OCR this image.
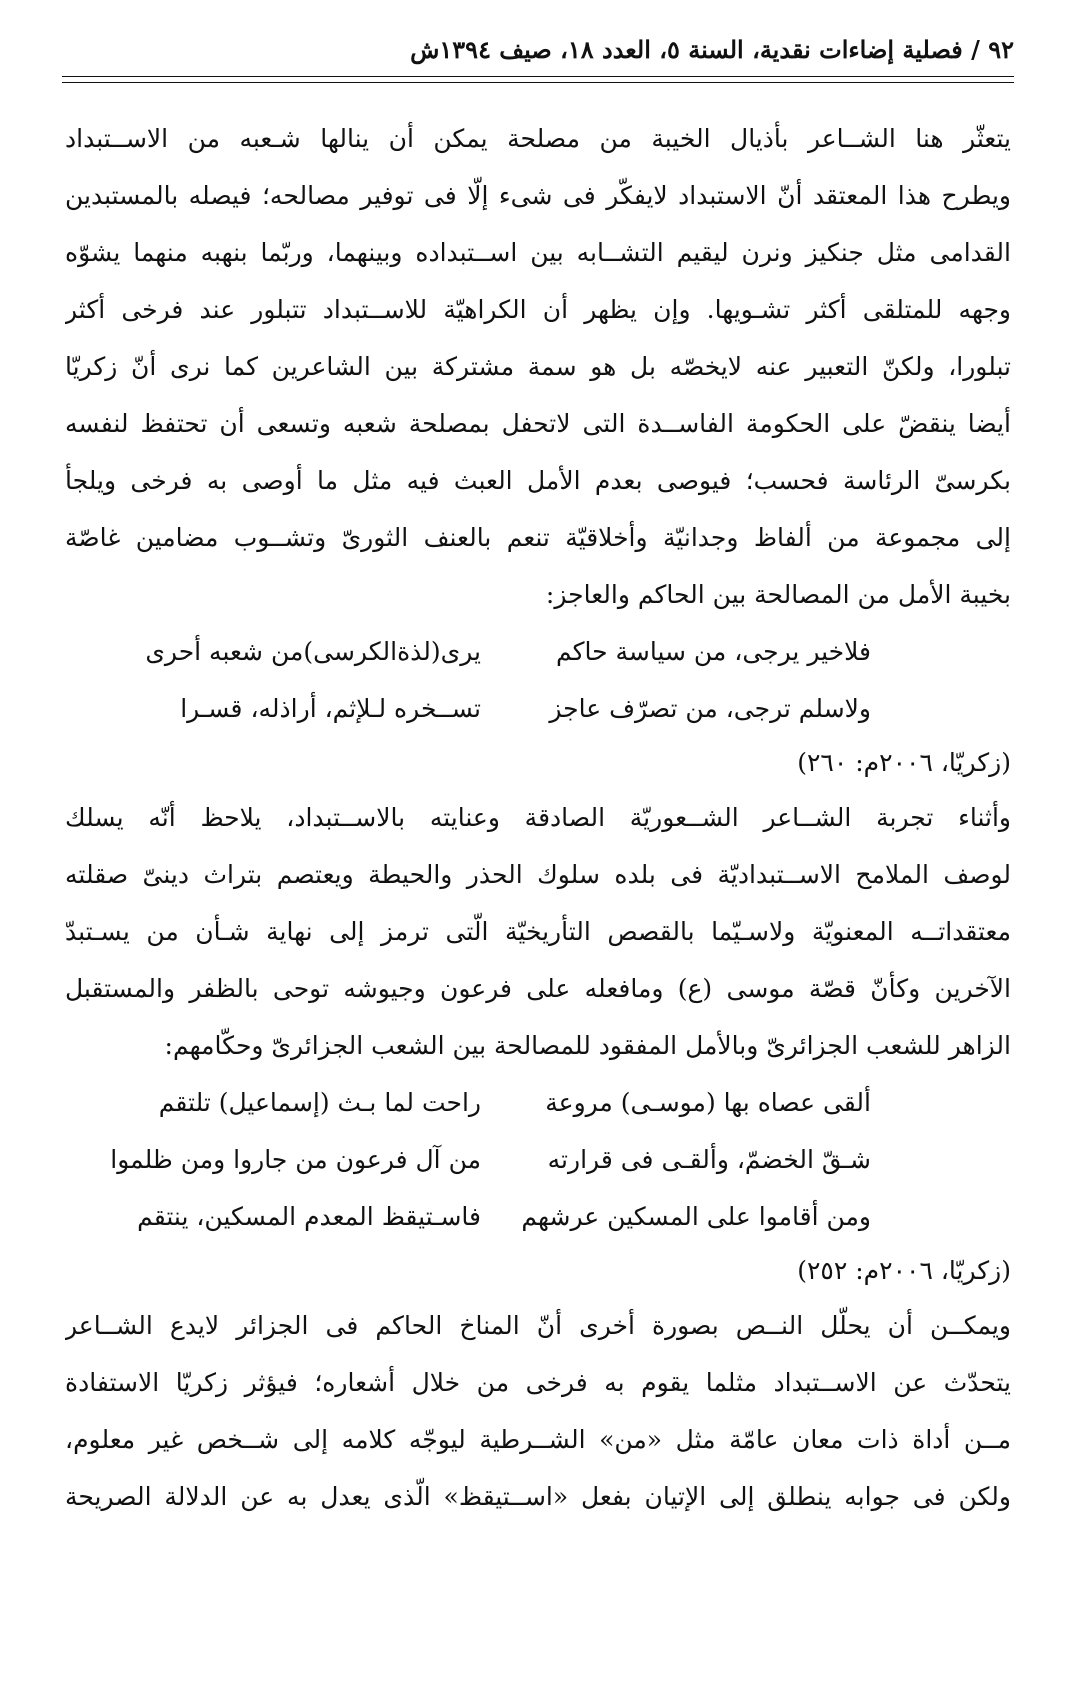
٩٢ / فصلية إضاءات نقدية، السنة ٥، العدد ١٨، صيف ١٣٩٤ش
يتعثّر هنا الشــاعر بأذيال الخيبة من مصلحة يمكن أن ينالها شـعبه من الاســتبداد
ويطرح هذا المعتقد أنّ الاستبداد لايفكّر فى شىء إلّا فى توفير مصالحه؛ فيصله بالمستبدين
القدامى مثل جنكيز ونرن ليقيم التشــابه بين اســتبداده وبينهما، وربّما بنهبه منهما يشوّه
وجهه للمتلقى أكثر تشـويها. وإن يظهر أن الكراهيّة للاســتبداد تتبلور عند فرخى أكثر
تبلورا، ولكنّ التعبير عنه لايخصّه بل هو سمة مشتركة بين الشاعرين كما نرى أنّ زكريّا
أيضا ينقضّ على الحكومة الفاســدة التى لاتحفل بمصلحة شعبه وتسعى أن تحتفظ لنفسه
بكرسىّ الرئاسة فحسب؛ فيوصى بعدم الأمل العبث فيه مثل ما أوصى به فرخى ويلجأ
إلى مجموعة من ألفاظ وجدانيّة وأخلاقيّة تنعم بالعنف الثورىّ وتشــوب مضامين غاصّة
بخيبة الأمل من المصالحة بين الحاكم والعاجز:
فلاخير يرجى، من سياسة حاكم
يرى(لذةالكرسى)من شعبه أحرى
ولاسلم ترجى، من تصرّف عاجز
تســخره لـلإثم، أراذله، قسـرا
(زكريّا، ٢٠٠٦م: ٢٦٠)
وأثناء تجربة الشــاعر الشــعوريّة الصادقة وعنايته بالاســتبداد، يلاحظ أنّه يسلك
لوصف الملامح الاســتبداديّة فى بلده سلوك الحذر والحيطة ويعتصم بتراث دينىّ صقلته
معتقداتــه المعنويّة ولاسـيّما بالقصص التأريخيّة الّتى ترمز إلى نهاية شـأن من يسـتبدّ
الآخرين وكأنّ قصّة موسى (ع) ومافعله على فرعون وجيوشه توحى بالظفر والمستقبل
الزاهر للشعب الجزائرىّ وبالأمل المفقود للمصالحة بين الشعب الجزائرىّ وحكّامهم:
ألقى عصاه بها (موسـى) مروعة
راحت لما بـث (إسماعيل) تلتقم
شـقّ الخضمّ، وألقـى فى قرارته
من آل فرعون من جاروا ومن ظلموا
ومن أقاموا على المسكين عرشهم
فاسـتيقظ المعدم المسكين، ينتقم
(زكريّا، ٢٠٠٦م: ٢٥٢)
ويمكــن أن يحلّل النــص بصورة أخرى أنّ المناخ الحاكم فى الجزائر لايدع الشــاعر
يتحدّث عن الاســتبداد مثلما يقوم به فرخى من خلال أشعاره؛ فيؤثر زكريّا الاستفادة
مــن أداة ذات معان عامّة مثل «من» الشــرطية ليوجّه كلامه إلى شــخص غير معلوم،
ولكن فى جوابه ينطلق إلى الإتيان بفعل «اســتيقظ» الّذى يعدل به عن الدلالة الصريحة
